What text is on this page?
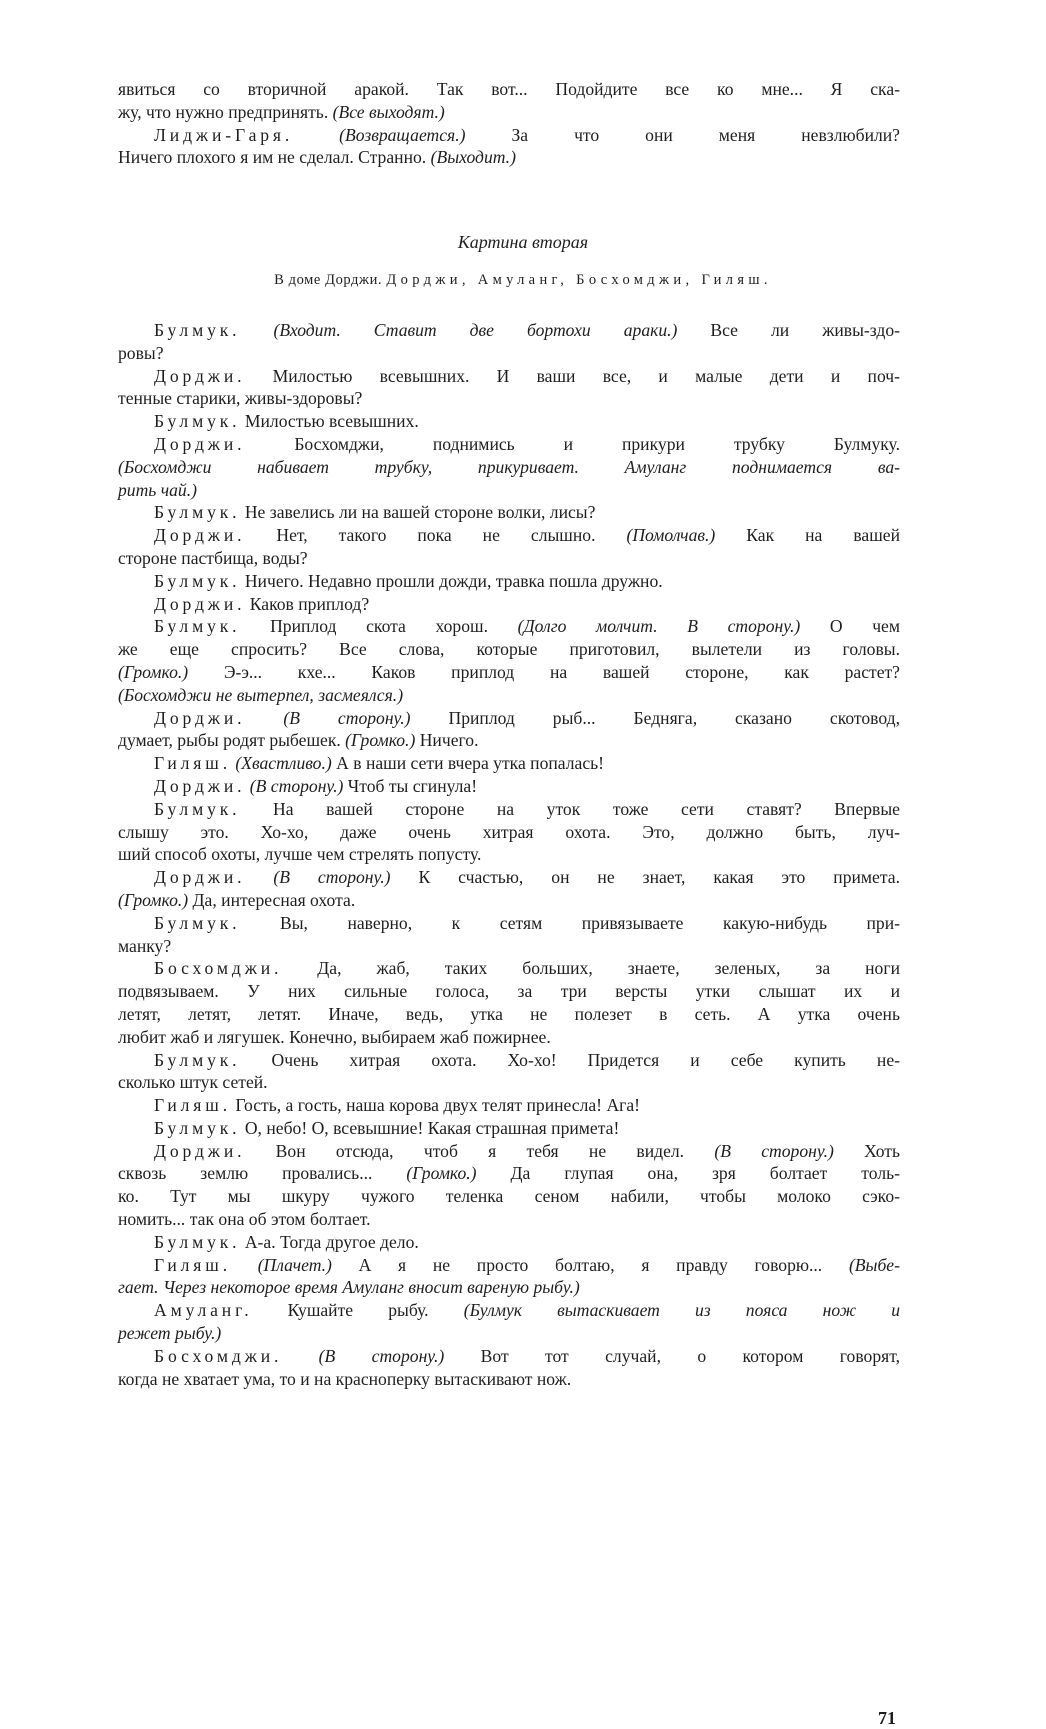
явиться со вторичной аракой. Так вот... Подойдите все ко мне... Я ска-

жу, что нужно предпринять. (Все выходят.)

Лиджи-Гаря.	(Возвращается.) За что они меня невзлюбили?

Ничего плохого я им не сделал. Странно. (Выходит.)

Картина вторая
В доме Дорджи. Дорджи, Амуланг, Босхомджи, Гиляш.

Булмук. (Входит. Ставит две бортохи араки.) Все ли живы-здо-

ровы?

Дорджи. Милостью всевышних. И ваши все, и малые дети и поч-

тенные старики, живы-здоровы?

Булмук. Милостью всевышних.

Дорджи. Босхомджи, поднимись и прикури трубку Булмуку.

(Босхомджи набивает трубку, прикуривает. Амуланг поднимается ва-

рить чай.)

Булмук. Не завелись ли на вашей стороне волки, лисы?

Дорджи. Нет, такого пока не слышно. (Помолчав.) Как на вашей

стороне пастбища, воды?

Булмук. Ничего. Недавно прошли дожди, травка пошла дружно.

Дорджи. Каков приплод?

Булмук. Приплод скота хорош. (Долго молчит. В сторону.) О чем

же еще спросить? Все слова, которые приготовил, вылетели из головы.

(Громко.) Э-э... кхе... Каков приплод на вашей стороне, как растет?

(Босхомджи не вытерпел, засмеялся.)

Дорджи. (В сторону.) Приплод рыб... Бедняга, сказано скотовод,

думает, рыбы родят рыбешек. (Громко.) Ничего.

Гиляш. (Хвастливо.) А в наши сети вчера утка попалась!

Дорджи. (В сторону.) Чтоб ты сгинула!

Булмук. На вашей стороне на уток тоже сети ставят? Впервые

слышу это. Хо-хо, даже очень хитрая охота. Это, должно быть, луч-

ший способ охоты, лучше чем стрелять попусту.

Дорджи. (В сторону.) К счастью, он не знает, какая это примета.

(Громко.) Да, интересная охота.

Булмук. Вы, наверно, к сетям привязываете какую-нибудь при-

манку?

Босхомджи. Да, жаб, таких больших, знаете, зеленых, за ноги

подвязываем. У них сильные голоса, за три версты утки слышат их и

летят, летят, летят. Иначе, ведь, утка не полезет в сеть. А утка очень

любит жаб и лягушек. Конечно, выбираем жаб пожирнее.

Булмук. Очень хитрая охота. Хо-хо! Придется и себе купить не-

сколько штук сетей.

Гиляш. Гость, а гость, наша корова двух телят принесла! Ага!

Булмук. О, небо! О, всевышние! Какая страшная примета!

Дорджи. Вон отсюда, чтоб я тебя не видел. (В сторону.) Хоть

сквозь землю провались... (Громко.) Да глупая она, зря болтает толь-

ко. Тут мы шкуру чужого теленка сеном набили, чтобы молоко сэко-

номить... так она об этом болтает.

Булмук. А-а. Тогда другое дело.

Гиляш. (Плачет.) А я не просто болтаю, я правду говорю... (Выбе-

гает. Через некоторое время Амуланг вносит вареную рыбу.)

Амуланг. Кушайте рыбу. (Булмук вытаскивает из пояса нож и

режет рыбу.)

Босхомджи. (В сторону.) Вот тот случай, о котором говорят,

когда не хватает ума, то и на красноперку вытаскивают нож.

71
